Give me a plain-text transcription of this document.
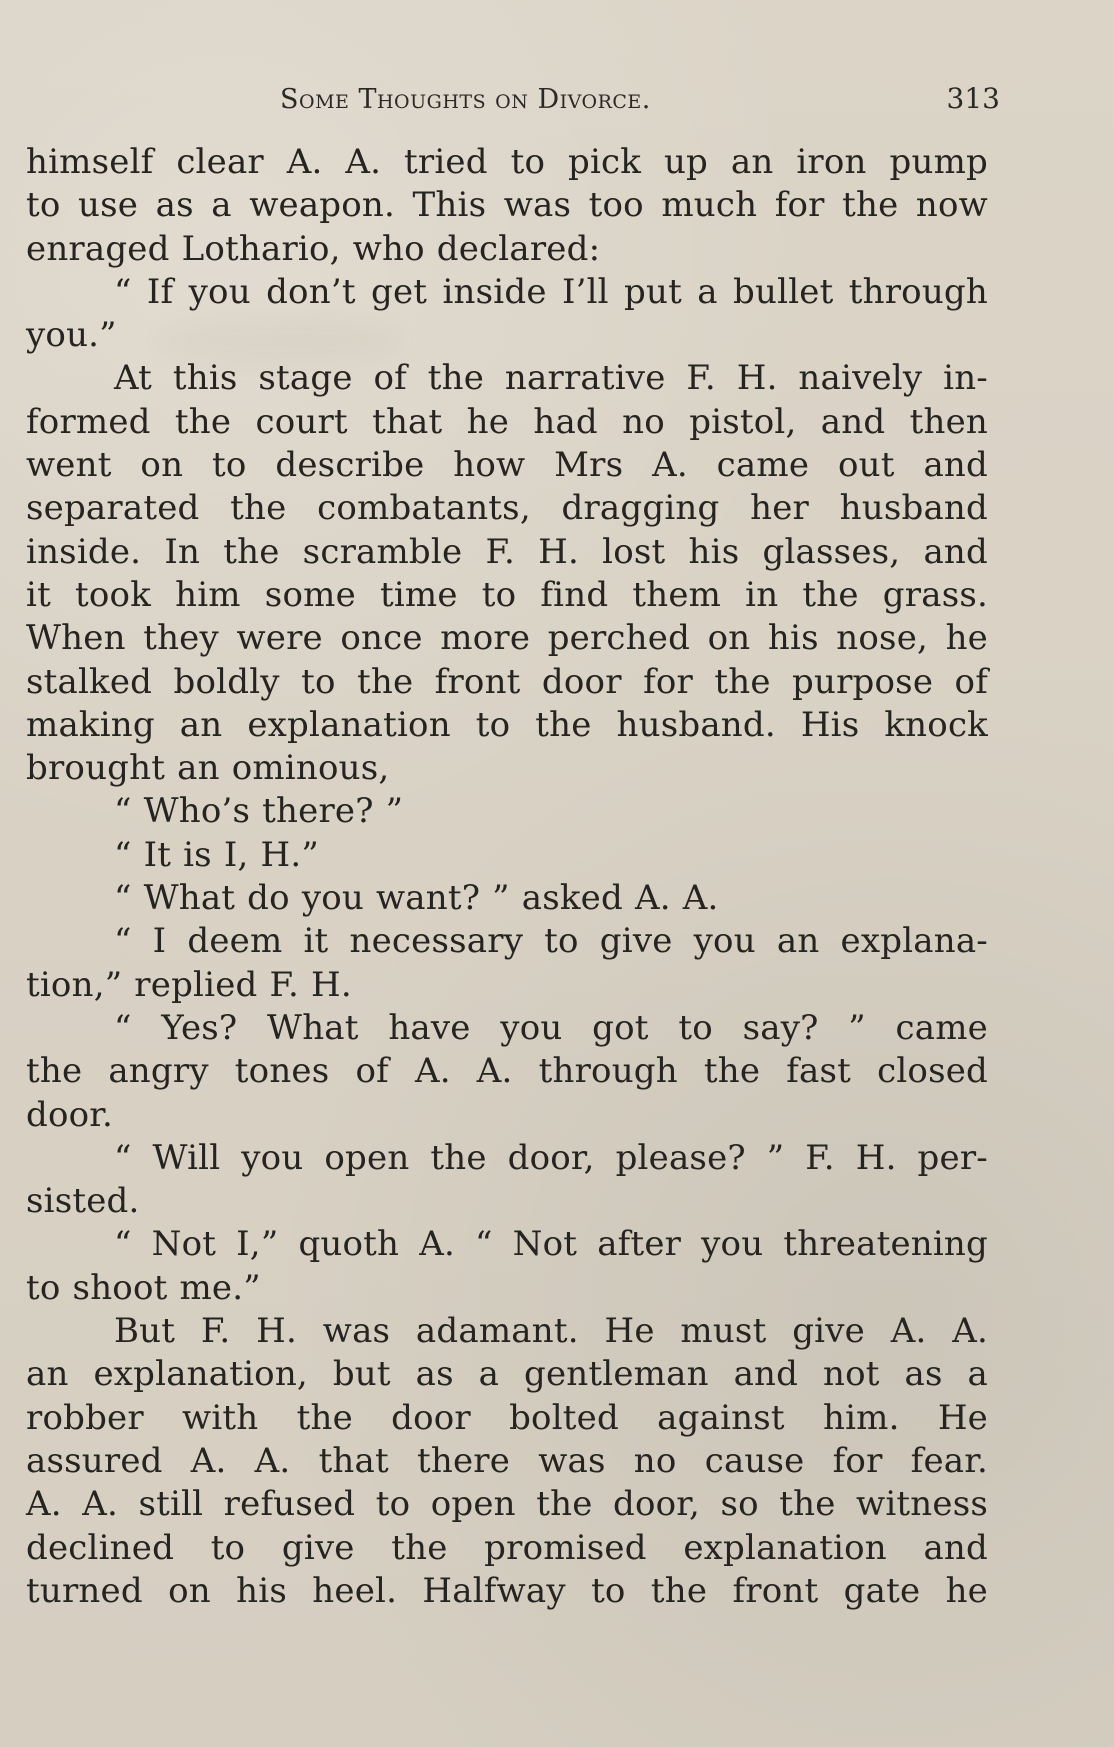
Some Thoughts on Divorce.	313
himself clear A. A. tried to pick up an iron pump
to use as a weapon. This was too much for the now
enraged Lothario, who declared:
“ If you don’t get inside I’ll put a bullet through
you.”
At this stage of the narrative F. H. naively in-
formed the court that he had no pistol, and then
went on to describe how Mrs A. came out and
separated the combatants, dragging her husband
inside. In the scramble F. H. lost his glasses, and
it took him some time to find them in the grass.
When they were once more perched on his nose, he
stalked boldly to the front door for the purpose of
making an explanation to the husband. His knock
brought an ominous,
“ Who’s there? ”
“ It is I, H.”
“ What do you want? ” asked A. A.
“ I deem it necessary to give you an explana-
tion,” replied F. H.
“ Yes? What have you got to say? ” came
the angry tones of A. A. through the fast closed
door.
“ Will you open the door, please? ” F. H. per-
sisted.
“ Not I,” quoth A. “ Not after you threatening
to shoot me.”
But F. H. was adamant. He must give A. A.
an explanation, but as a gentleman and not as a
robber with the door bolted against him. He
assured A. A. that there was no cause for fear.
A. A. still refused to open the door, so the witness
declined to give the promised explanation and
turned on his heel. Halfway to the front gate he
